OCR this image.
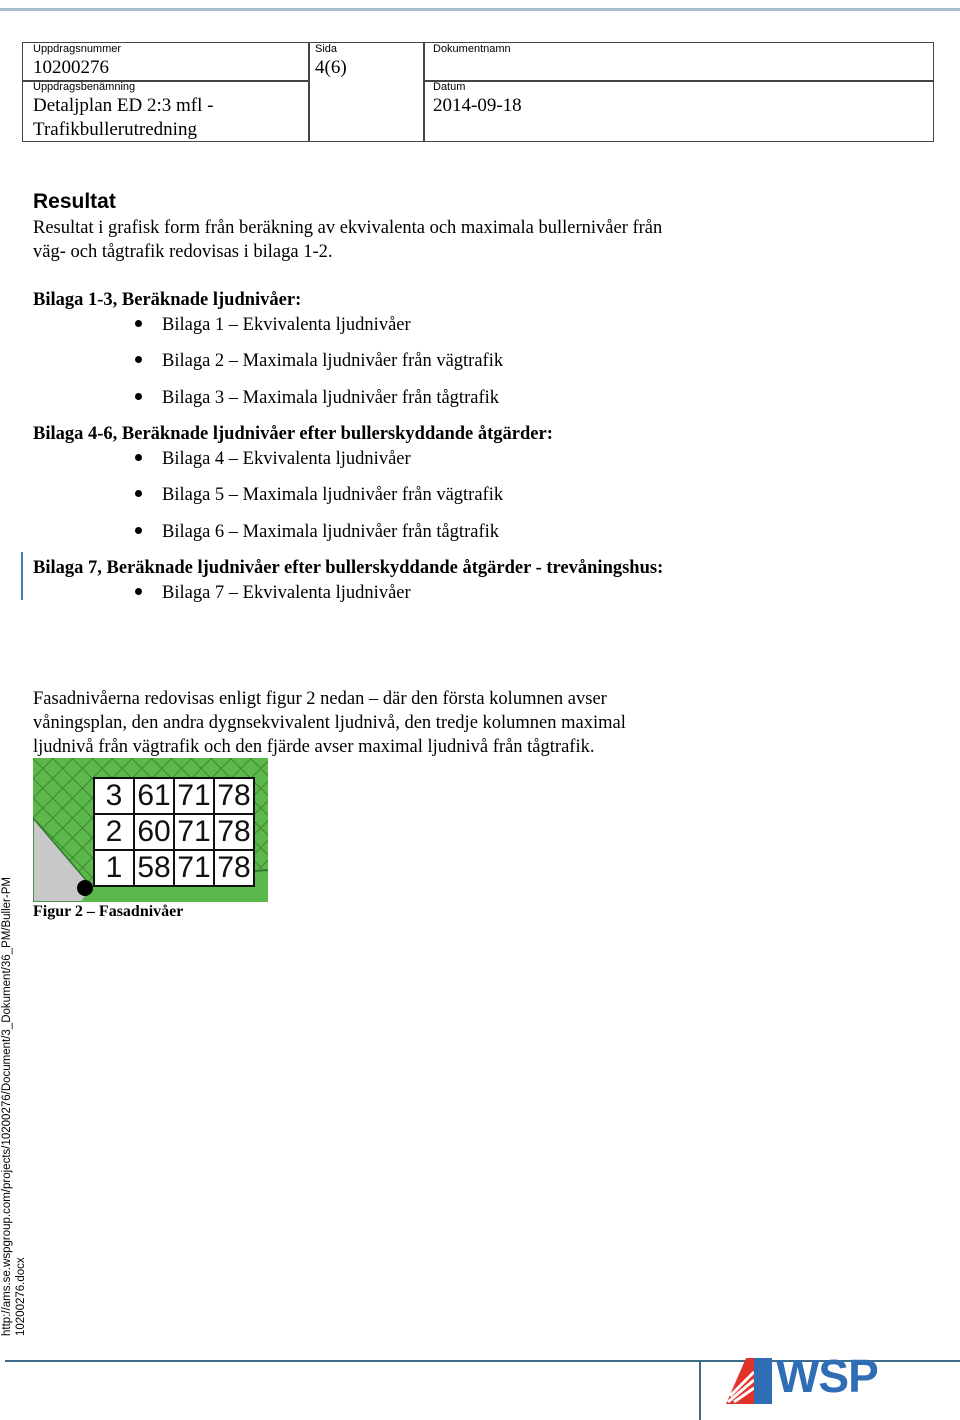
Uppdragsnummer
10200276
Sida
4(6)
Dokumentnamn
Uppdragsbenämning
Detaljplan ED 2:3 mfl -
Trafikbullerutredning
Datum
2014-09-18
Resultat
Resultat i grafisk form från beräkning av ekvivalenta och maximala bullernivåer från
väg- och tågtrafik redovisas i bilaga 1-2.
Bilaga 1-3, Beräknade ljudnivåer:
Bilaga 1 – Ekvivalenta ljudnivåer
Bilaga 2 – Maximala ljudnivåer från vägtrafik
Bilaga 3 – Maximala ljudnivåer från tågtrafik
Bilaga 4-6, Beräknade ljudnivåer efter bullerskyddande åtgärder:
Bilaga 4 – Ekvivalenta ljudnivåer
Bilaga 5 – Maximala ljudnivåer från vägtrafik
Bilaga 6 – Maximala ljudnivåer från tågtrafik
Bilaga 7, Beräknade ljudnivåer efter bullerskyddande åtgärder - trevåningshus:
Bilaga 7 – Ekvivalenta ljudnivåer
Fasadnivåerna redovisas enligt figur 2 nedan – där den första kolumnen avser
våningsplan, den andra dygnsekvivalent ljudnivå, den tredje kolumnen maximal
ljudnivå från vägtrafik och den fjärde avser maximal ljudnivå från tågtrafik.
3	61	71	78
2	60	71	78
1	58	71	78
Figur 2 – Fasadnivåer
http://ams.se.wspgroup.com/projects/10200276/Document/3_Dokument/36_PM/Buller-PM 10200276.docx
WSP
